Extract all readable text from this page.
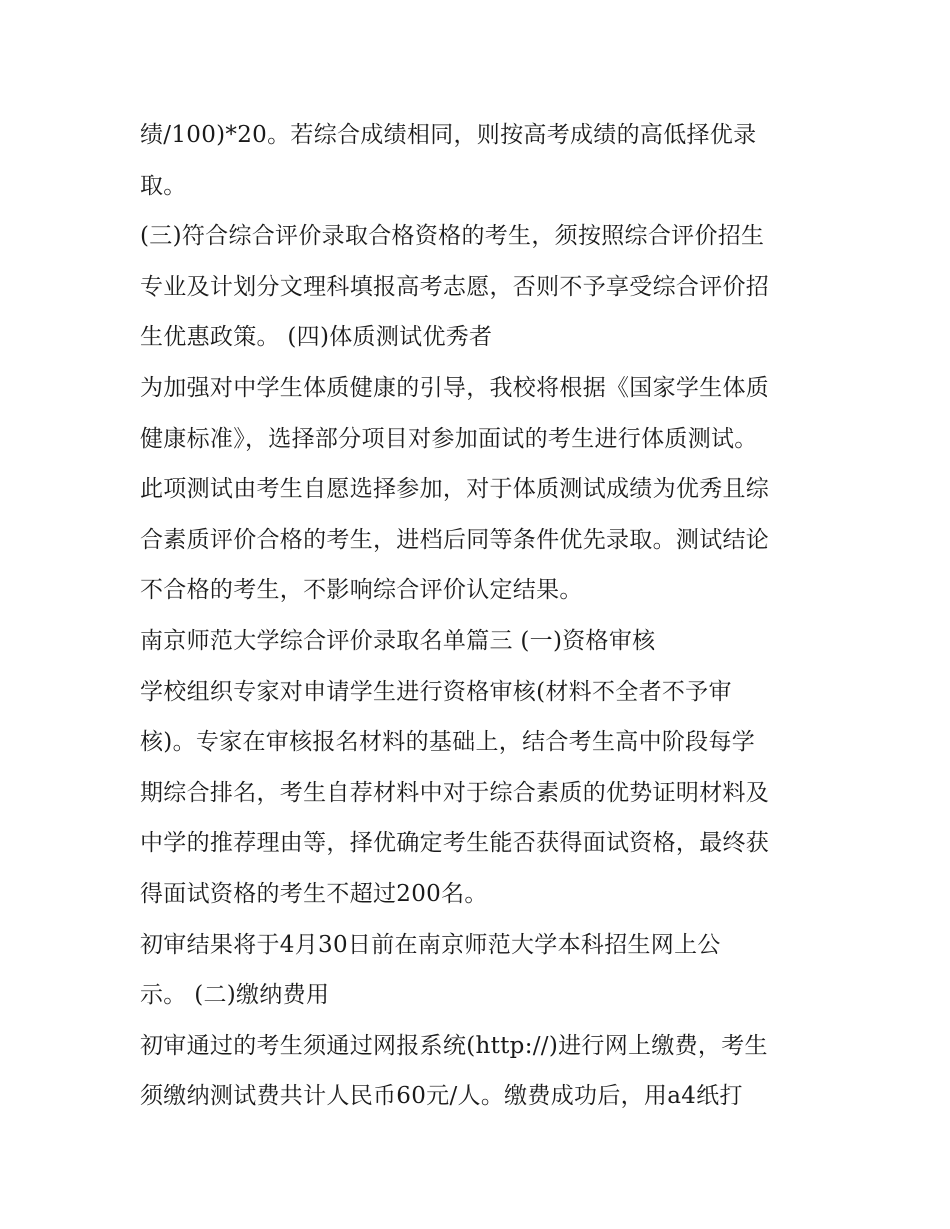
绩/100)*20。若综合成绩相同，则按高考成绩的高低择优录
取。
(三)符合综合评价录取合格资格的考生，须按照综合评价招生
专业及计划分文理科填报高考志愿，否则不予享受综合评价招
生优惠政策。 (四)体质测试优秀者
为加强对中学生体质健康的引导，我校将根据《国家学生体质
健康标准》，选择部分项目对参加面试的考生进行体质测试。
此项测试由考生自愿选择参加，对于体质测试成绩为优秀且综
合素质评价合格的考生，进档后同等条件优先录取。测试结论
不合格的考生，不影响综合评价认定结果。
南京师范大学综合评价录取名单篇三 (一)资格审核
学校组织专家对申请学生进行资格审核(材料不全者不予审
核)。专家在审核报名材料的基础上，结合考生高中阶段每学
期综合排名，考生自荐材料中对于综合素质的优势证明材料及
中学的推荐理由等，择优确定考生能否获得面试资格，最终获
得面试资格的考生不超过200名。
初审结果将于4月30日前在南京师范大学本科招生网上公
示。 (二)缴纳费用
初审通过的考生须通过网报系统(http://)进行网上缴费，考生
须缴纳测试费共计人民币60元/人。缴费成功后，用a4纸打
